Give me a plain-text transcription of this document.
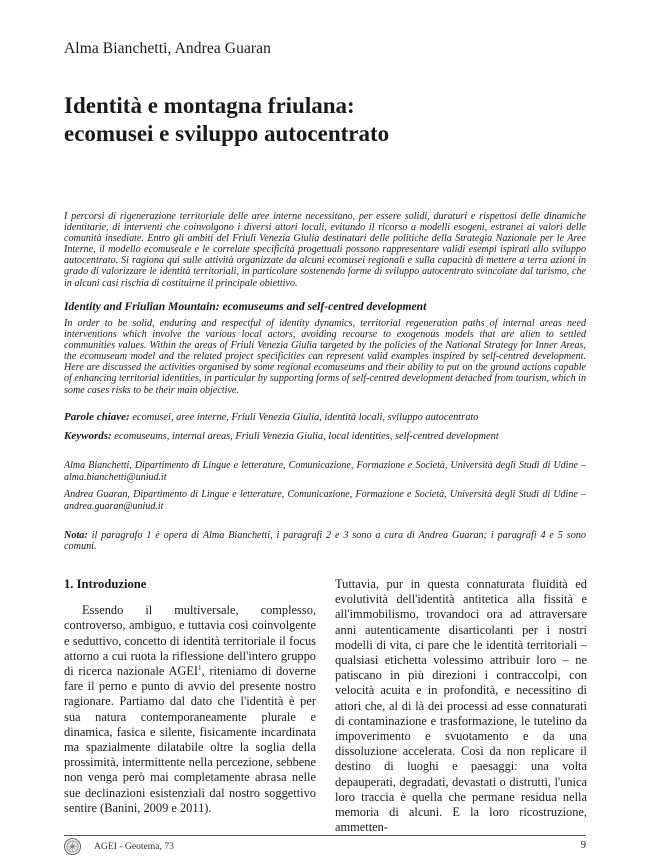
Alma Bianchetti, Andrea Guaran
Identità e montagna friulana:
ecomusei e sviluppo autocentrato
I percorsi di rigenerazione territoriale delle aree interne necessitano, per essere solidi, duraturi e rispettosi delle dinamiche identitarie, di interventi che coinvolgono i diversi attori locali, evitando il ricorso a modelli esogeni, estranei ai valori delle comunità insediate. Entro gli ambiti del Friuli Venezia Giulia destinatari delle politiche della Strategia Nazionale per le Aree Interne, il modello ecomuseale e le correlate specificità progettuali possono rappresentare validi esempi ispirati allo sviluppo autocentrato. Si ragiona qui sulle attività organizzate da alcuni ecomusei regionali e sulla capacità di mettere a terra azioni in grado di valorizzare le identità territoriali, in particolare sostenendo forme di sviluppo autocentrato svincolate dal turismo, che in alcuni casi rischia di costituirne il principale obiettivo.
Identity and Friulian Mountain: ecomuseums and self-centred development
In order to be solid, enduring and respectful of identity dynamics, territorial regeneration paths of internal areas need interventions which involve the various local actors, avoiding recourse to exogenous models that are alien to settled communities values. Within the areas of Friuli Venezia Giulia targeted by the policies of the National Strategy for Inner Areas, the ecomuseum model and the related project specificities can represent valid examples inspired by self-centred development. Here are discussed the activities organised by some regional ecomuseums and their ability to put on the ground actions capable of enhancing territorial identities, in particular by supporting forms of self-centred development detached from tourism, which in some cases risks to be their main objective.
Parole chiave: ecomusei, aree interne, Friuli Venezia Giulia, identità locali, sviluppo autocentrato
Keywords: ecomuseums, internal areas, Friuli Venezia Giulia, local identities, self-centred development
Alma Bianchetti, Dipartimento di Lingue e letterature, Comunicazione, Formazione e Società, Università degli Studi di Udine – alma.bianchetti@uniud.it
Andrea Guaran, Dipartimento di Lingue e letterature, Comunicazione, Formazione e Società, Università degli Studi di Udine – andrea.guaran@uniud.it
Nota: il paragrafo 1 è opera di Alma Bianchetti, i paragrafi 2 e 3 sono a cura di Andrea Guaran; i paragrafi 4 e 5 sono comuni.
1. Introduzione

Essendo il multiversale, complesso, controverso, ambiguo, e tuttavia così coinvolgente e seduttivo, concetto di identità territoriale il focus attorno a cui ruota la riflessione dell'intero gruppo di ricerca nazionale AGEI$^1$, riteniamo di doverne fare il perno e punto di avvio del presente nostro ragionare. Partiamo dal dato che l'identità è per sua natura contemporaneamente plurale e dinamica, fasica e silente, fisicamente incardinata ma spazialmente dilatabile oltre la soglia della prossimità, intermittente nella percezione, sebbene non venga però mai completamente abrasa nelle sue declinazioni esistenziali dal nostro soggettivo sentire (Banini, 2009 e 2011).

Tuttavia, pur in questa connaturata fluidità ed evolutività dell'identità antitetica alla fissità e all'immobilismo, trovandoci ora ad attraversare anni autenticamente disarticolanti per i nostri modelli di vita, ci pare che le identità territoriali – qualsiasi etichetta volessimo attribuir loro – ne patiscano in più direzioni i contraccolpi, con velocità acuita e in profondità, e necessitino di attori che, al di là dei processi ad esse connaturati di contaminazione e trasformazione, le tutelino da impoverimento e svuotamento e da una dissoluzione accelerata. Così da non replicare il destino di luoghi e paesaggi: una volta depauperati, degradati, devastati o distrutti, l'unica loro traccia è quella che permane residua nella memoria di alcuni. E la loro ricostruzione, ammetten-

AGEI - Geotema, 73	9
